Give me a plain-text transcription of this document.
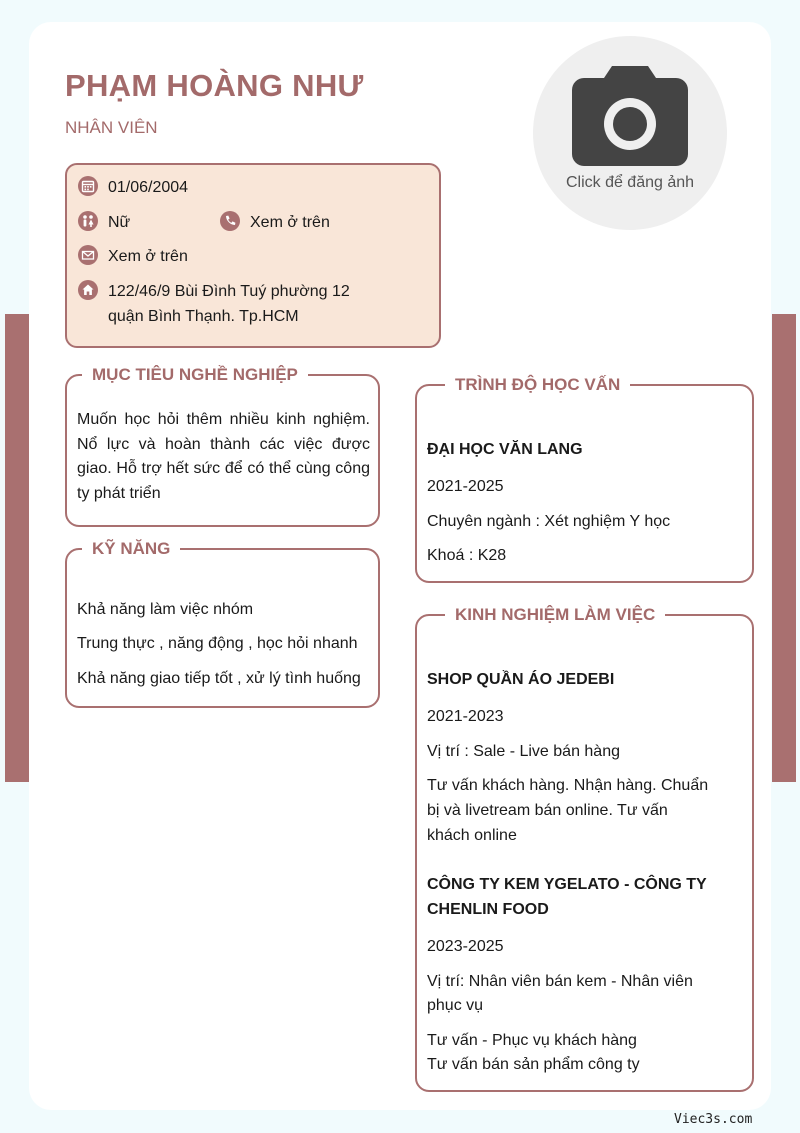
PHẠM HOÀNG NHƯ
NHÂN VIÊN
Click để đăng ảnh
01/06/2004
Nữ	Xem ở trên
Xem ở trên
122/46/9 Bùi Đình Tuý phường 12
quận Bình Thạnh. Tp.HCM
MỤC TIÊU NGHỀ NGHIỆP
Muốn học hỏi thêm nhiều kinh nghiệm. Nổ lực và hoàn thành các việc được giao. Hỗ trợ hết sức để có thể cùng công ty phát triển
KỸ NĂNG
Khả năng làm việc nhóm
Trung thực , năng động , học hỏi nhanh
Khả năng giao tiếp tốt , xử lý tình huống
TRÌNH ĐỘ HỌC VẤN
ĐẠI HỌC VĂN LANG
2021-2025
Chuyên ngành : Xét nghiệm Y học
Khoá : K28
KINH NGHIỆM LÀM VIỆC
SHOP QUẦN ÁO JEDEBI
2021-2023
Vị trí : Sale - Live bán hàng
Tư vấn khách hàng. Nhận hàng. Chuẩn
bị và livetream bán online. Tư vấn
khách online
CÔNG TY KEM YGELATO - CÔNG TY
CHENLIN FOOD
2023-2025
Vị trí: Nhân viên bán kem - Nhân viên
phục vụ
Tư vấn - Phục vụ khách hàng
Tư vấn bán sản phẩm công ty
Viec3s.com
